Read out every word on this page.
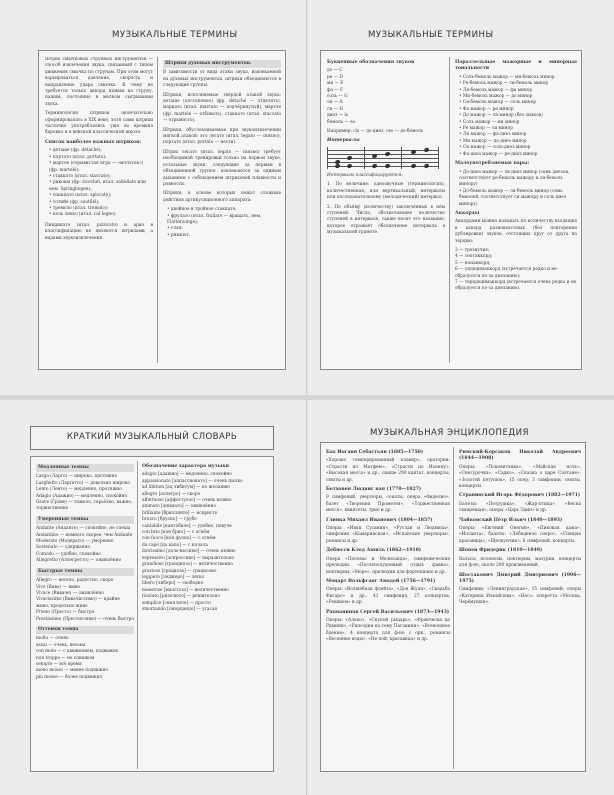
МУЗЫКАЛЬНЫЕ ТЕРМИНЫ

Штрих смычковых струнных инструментов — способ извлечения звука, связанный с типом движения смычка по струнам. При этом могут варьироваться давление, скорость и направление удара смычка. К чему не требуется только аккорд нажим на струну, нажим, постоянно в мелком сыгрывании звука.

Терминология штрихов окончательно сформировалась в XIX веке, хотя сами штрихи частично употреблялись уже во времена барокко и в венской классической школе.

Список наиболее важных штрихов:

• деташе (фр. détaché);
• портато (итал. portato);
• мартле (отрывистая игра — «молоток») (фр. martelé);
• стаккато (итал. staccato);
• рикоше (фр. ricochet, итал. saltellato или нем. Springbogen);
• спиккато (итал. spiccato);
• сотийе (фр. sautillé);
• тремоло (итал. tremolo);
• коль леньо (итал. col legno).

Пиццикато (итал. pizzicato) и арко в классификацию не являются штрихами, а видами звукоизвлечения.

Штрихи духовых инструментов.

В зависимости от вида атаки звука, извлекаемой на духовых инструментах, штрихи объединяются в следующие группы.

Штрихи, исполняемые твёрдой атакой звука: деташе (постепенно) (фр. détaché — отделять), маркато (итал. marcato — подчёркнутый), мартле (фр. martelé — отбивать), стаккато (итал. staccato — отрывисто).

Штрихи, обусловливаемые при звукоизвлечении мягкой атакой: это легато (итал. legato — связно), портато (итал. portato — нести).

Штрих легато (итал. legato — связно) требует необходимой тренировки только на первом звуке, остальные звуки, следующие за первым в объединенной группе, извлекаются за единым дыханием с соблюдением штриховой плавности и ровности.

Штрихи, в основе которых лежат сложные действия артикуляционного аппарата:

• двойное и тройное стаккато;
• фрулато (итал. frullare — вращать, нем. Flatterzunge);
• слэп;
• римшот.
МУЗЫКАЛЬНЫЕ ТЕРМИНЫ

Буквенные обозначения звуков

до — C
ре — D
ми — E
фа — F
соль — G
ля — A
си — H
диез — is
бемоль — es

Например: cis — до-диез, ces — до-бемоль

Интервалы

Интервалы классифицируются:

1. По величине: однозвучные (терминология), количественная, или вертикальный, интервалы или последовательному (мелодический) интервал.

2. По объёму (количеству) заключённых в нём ступеней. Число, обозначающее количество ступеней в интервале, также носит его название, которое отражает обозначение интервала в музыкальной грамоте.

Параллельные мажорные и минорные тональности

• Соль-бемоль мажор — ми-бемоль минор
• Ре-бемоль мажор — си-бемоль минор
• Ля-бемоль мажор — фа минор
• Ми-бемоль мажор — до минор
• Си-бемоль мажор — соль минор
• Фа мажор — ре минор
• До мажор — ля минор (без знаков)
• Соль мажор — ми минор
• Ре мажор — си минор
• Ля мажор — фа-диез минор
• Ми мажор — до-диез минор
• Си мажор — соль-диез минор
• Фа-диез мажор — ре-диез минор

Малоупотребляемые пары:

• До-диез мажор — ля-диез минор (семь диезов, соответствует ре-бемоль мажору и си-бемоль минору)
• До-бемоль мажор — ля-бемоль минор (семь бемолей, соответствует си мажору и соль-диез минору)

Аккорды

Аккордами можно называть по количеству входящих в аккорд разновысотных (без повторения дублировки) звуков, отстоящих друг от друга на терцию:

3 — трезвучие;
4 — септаккорд;
5 — нонаккорд;
6 — ундецимаккорд (встречается редко и не образуется по-за диезанию);
7 — терцдецимаккорд (встречается очень редко и не образуется по-за диезанию).
КРАТКИЙ МУЗЫКАЛЬНЫЙ СЛОВАРЬ

Медленные темпы

Largo (Ларго) — широко, протяжно
Larghetto (Ларгетто) — довольно широко
Lento (Ленто) — медленно, протяжно
Adagio (Адажио) — медленно, спокойно
Grave (Граве) — тяжело, серьёзно, важно, торжественно

Умеренные темпы

Andante (Анданте) — спокойно, не спеша
Andantino — немного скорее, чем Andante
Moderato (Модерато) — умеренно
Sostenuto — сдержанно
Comodo — удобно, спокойно
Allegretto (Аллегретто) — оживлённо

Быстрые темпы

Allegro — весело, радостно, скоро
Vivo (Виво) — живо
Vivace (Виваче) — оживлённо
Vivacissimo (Вивачиссимо) — крайне живо, предельно живо
Presto (Престо) — быстро
Prestissimo (Престиссимо) — очень быстро

Оттенки темпа

molto — очень
assai — очень, весьма
con moto — с движением, подвижно
non troppo — не слишком
sempre — всё время
meno mosso — менее подвижно
più mosso — более подвижно

Обозначение характера музыки

adagio [адажио] — медленно, спокойно
appassionato [аппассионато] — очень пылко
ad libitum [ад либитум] — по желанию
allegro [аллегро] — скоро
affettuoso [аффеттуозо] — очень нежно
animato [анимато] — оживлённо
brillante [бриллянте] — искристо
brusco [бруско] — грубо
cantabile [кантабиле] — удобно, певуче
con brio [кон брио] — с огнём
con fuoco [кон фуоко] — с огнём
da capo [да капо] — с начала
dolcissimo [дольчиссимо] — очень нежно
espressivo [эспрессиво] — выразительно
grandioso [грандиозо] — величественно
grazioso [грациозо] — грациозно
leggiero [леджеро] — легко
libero [либеро] — свободно
maestoso [маэстозо] — величественно
risoluto [ризолюто] — решительно
semplice [семпличе] — просто
smorzando [сморцандо] — угасая
МУЗЫКАЛЬНАЯ ЭНЦИКЛОПЕДИЯ

Бах Иоганн Себастьян (1685—1750)

«Хорошо темперированный клавир», оратории: «Страсти по Матфею», «Страсти по Иоанну», «Высокая месса» и др., свыше 200 кантат, концерты, сюиты и др.

Бетховен Людвиг ван (1770—1827)

9 симфоний, увертюры, сонаты, опера «Фиделио», балет «Творения Прометея», «Торжественная месса», квинтеты, трио и др.

Глинка Михаил Иванович (1804—1857)

Оперы: «Иван Сусанин», «Руслан и Людмила», симфонии «Камаринская», «Испанские увертюры», романсы и др.

Дебюсси Клод Ашиль (1862—1918)

Опера «Пеллеас и Мелизанда», симфонические прелюдии «Послеполуденный отдых фавна», ноктюрны, «Море», прелюдии для фортепиано и др.

Моцарт Вольфганг Амадей (1756—1791)

Оперы: «Волшебная флейта», «Дон Жуан», «Свадьба Фигаро» и др., 41 симфония, 27 концертов, «Реквием» и др.

Рахманинов Сергей Васильевич (1873—1943)

Оперы: «Алеко», «Скупой рыцарь», «Франческа да Римини», «Рапсодия на тему Паганини», «Всенощное бдение», 4 концерта для ф-но с орк., романсы «Весенние воды», «Не пой, красавица» и др.

Римский-Корсаков Николай Андреевич (1844—1908)

Оперы: «Псковитянка», «Майская ночь», «Снегурочка», «Садко», «Сказка о царе Салтане», «Золотой петушок», 15 опер, 3 симфонии, сюиты, концерты.

Стравинский Игорь Фёдорович (1882—1971)

Балеты: «Петрушка», «Жар-птица», «Весна священная», оперы «Царь Эдип» и др.

Чайковский Пётр Ильич (1840—1893)

Оперы: «Евгений Онегин», «Пиковая дама», «Иоланта», балеты: «Лебединое озеро», «Спящая красавица», «Щелкунчик», 6 симфоний, концерты.

Шопен Фридерик (1810—1849)

Вальсы, полонезы, ноктюрны, мазурки, концерты для ф-но, около 200 произведений.

Шостакович Дмитрий Дмитриевич (1906—1975)

Симфонии: «Ленинградская», 15 симфоний; оперы «Катерина Измайлова», «Нос»; оперетта «Москва, Черёмушки».
